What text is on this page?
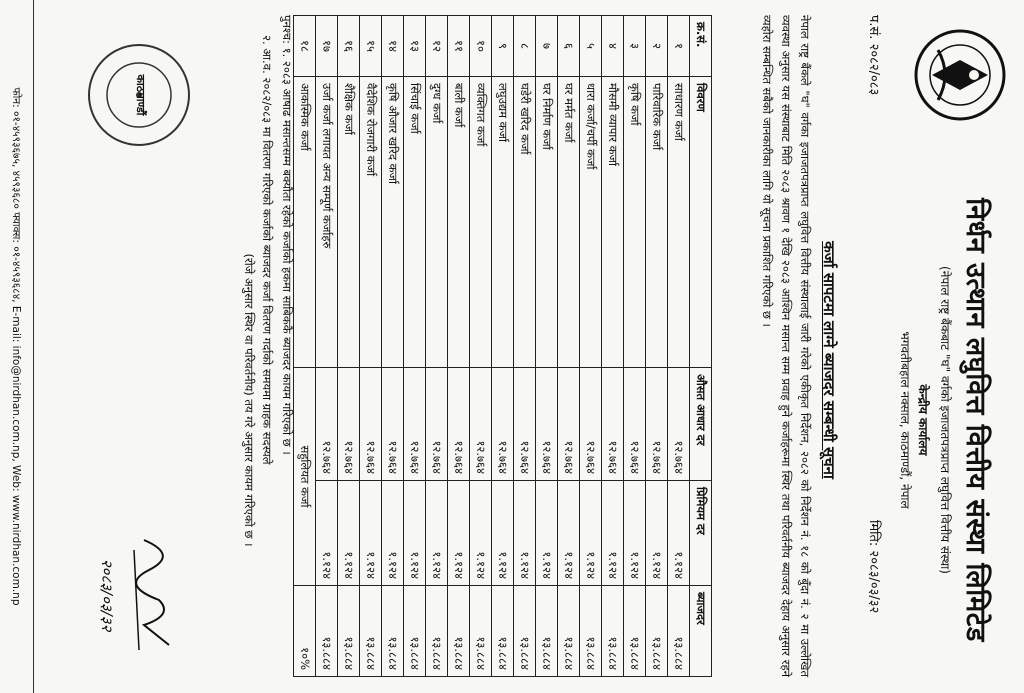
निर्धन उत्थान लघुवित्त वित्तीय संस्था लिमिटेड
(नेपाल राष्ट्र बैंकबाट "घ" वर्गको इजाजतपत्रप्राप्त लघुवित्त वित्तीय संस्था)
केन्द्रीय कार्यालय
भगवतीबहाल नक्साल, काठमाण्डौं, नेपाल
प.सं. २०८२/०८३
मिति: २०८३/०३/३२
कर्जा सापटमा लाग्ने ब्याजदर सम्बन्धी सूचना
नेपाल राष्ट्र बैंकले "घ" वर्गका इजाजतपत्रप्राप्त लघुवित्त वित्तीय संस्थालाई जारी गरेको एकीकृत निर्देशन, २०८२ को निर्देशन नं. १८ को बुँदा नं. २ मा उल्लेखित व्यवस्था अनुसार यस संस्थाबाट मिति २०८३ श्रावण १ देखि २०८३ आश्विन मसान्त सम्म प्रवाह हुने कर्जाहरूमा स्थिर तथा परिवर्तनीय ब्याजदर देहाय अनुसार रहने व्यहोरा सम्बन्धित सबैको जानकारीका लागि यो सूचना प्रकाशित गरिएको छ ।
क्र.सं.	विवरण	औसत आधार दर	प्रिमियम दर	ब्याजदर
१	साधारण कर्जा	१२.७६४	१.१२४	१३.८८४
२	पारिवारिक कर्जा	१२.७६४	१.१२४	१३.८८४
३	कृषि कर्जा	१२.७६४	१.१२४	१३.८८४
४	मौसमी व्यापार कर्जा	१२.७६४	१.१२४	१३.८८४
५	धारा कर्जा/चर्पी कर्जा	१२.७६४	१.१२४	१३.८८४
६	घर मर्मत कर्जा	१२.७६४	१.१२४	१३.८८४
७	घर निर्माण कर्जा	१२.७६४	१.१२४	१३.८८४
८	घडेरी खरिद कर्जा	१२.७६४	१.१२४	१३.८८४
९	लघुउद्यम कर्जा	१२.७६४	१.१२४	१३.८८४
१०	व्यक्तिगत कर्जा	१२.७६४	१.१२४	१३.८८४
११	बाली कर्जा	१२.७६४	१.१२४	१३.८८४
१२	दुग्ध कर्जा	१२.७६४	१.१२४	१३.८८४
१३	सिंचाई कर्जा	१२.७६४	१.१२४	१३.८८४
१४	कृषि औजार खरिद कर्जा	१२.७६४	१.१२४	१३.८८४
१५	वैदेशिक रोजगारी कर्जा	१२.७६४	१.१२४	१३.८८४
१६	शैक्षिक कर्जा	१२.७६४	१.१२४	१३.८८४
१७	उर्जा कर्जा लगायत अन्य सम्पूर्ण कर्जाहरु	१२.७६४	१.१२४	१३.८८४
१८	आकस्मिक कर्जा	सहुलियत कर्जा		१०%
पुनश्च: १. २०८३ आषाढ मसान्तसम्म बक्यौता रहेको कर्जाको हकमा साबिककै ब्याजदर कायम गरिएको छ ।
२. आ.व. २०८२/०८३ मा वितरण गरिएको कर्जाको ब्याजदर कर्जा वितरण गर्दाको समयमा ग्राहक सदस्यले
(रोजे अनुसार स्थिर वा परिवर्तनीय) तय गरे अनुसार कायम गरिएको छ ।
काठमाण्डौं
२०८३/०३/३२
फोन: ०१-४५९३६७५, ४५९३६८० फ्याक्स: ०१-४५९३६८४, E-mail: info@nirdhan.com.np, Web: www.nirdhan.com.np
